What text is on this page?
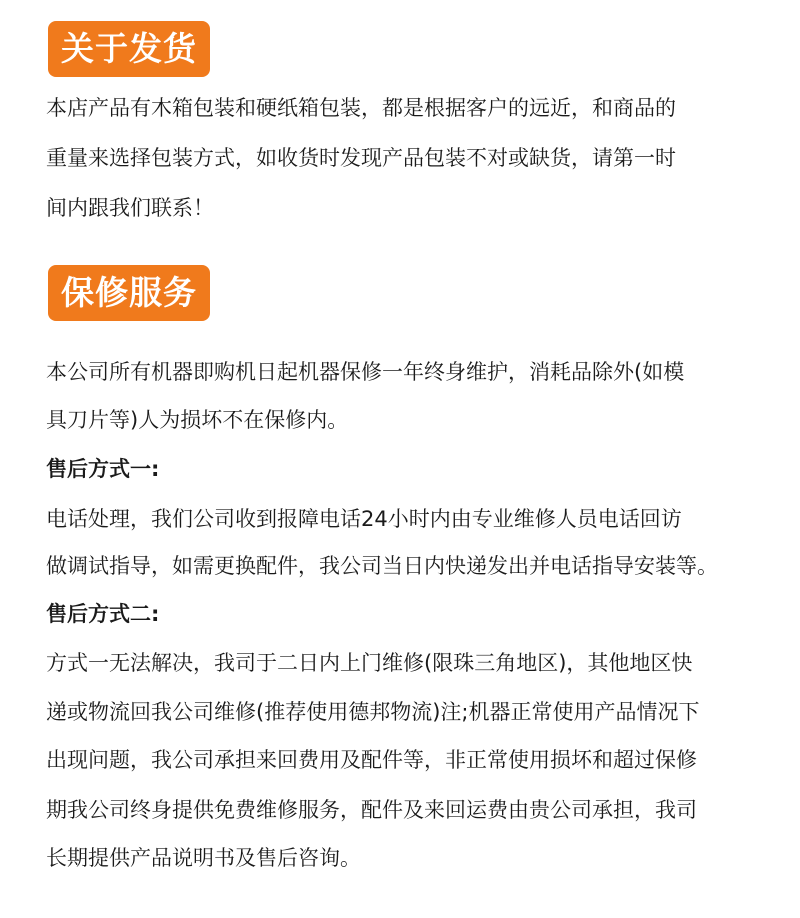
关于发货
本店产品有木箱包装和硬纸箱包装，都是根据客户的远近，和商品的
重量来选择包装方式，如收货时发现产品包装不对或缺货，请第一时
间内跟我们联系！
保修服务
本公司所有机器即购机日起机器保修一年终身维护，消耗品除外(如模
具刀片等)人为损坏不在保修内。
售后方式一:
电话处理，我们公司收到报障电话24小时内由专业维修人员电话回访
做调试指导，如需更换配件，我公司当日内快递发出并电话指导安装等。
售后方式二:
方式一无法解决，我司于二日内上门维修(限珠三角地区)，其他地区快
递或物流回我公司维修(推荐使用德邦物流)注;机器正常使用产品情况下
出现问题，我公司承担来回费用及配件等，非正常使用损坏和超过保修
期我公司终身提供免费维修服务，配件及来回运费由贵公司承担，我司
长期提供产品说明书及售后咨询。
